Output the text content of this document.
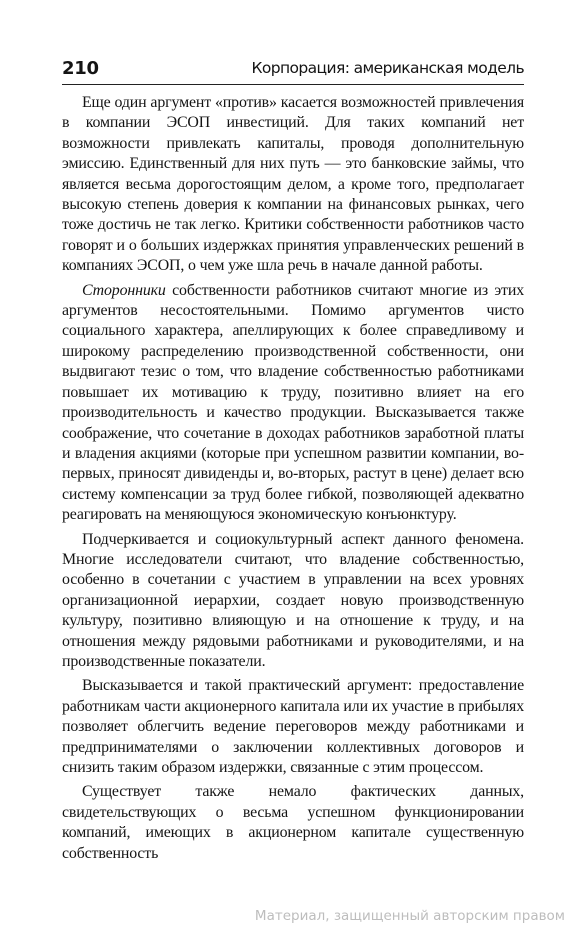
210	Корпорация: американская модель

Еще один аргумент «против» касается возможностей привлечения в компании ЭСОП инвестиций. Для таких компаний нет возможности привлекать капиталы, проводя дополнительную эмиссию. Единственный для них путь — это банковские займы, что является весьма дорогостоящим делом, а кроме того, предполагает высокую степень доверия к компании на финансовых рынках, чего тоже достичь не так легко. Критики собственности работников часто говорят и о больших издержках принятия управленческих решений в компаниях ЭСОП, о чем уже шла речь в начале данной работы.

Сторонники собственности работников считают многие из этих аргументов несостоятельными. Помимо аргументов чисто социального характера, апеллирующих к более справедливому и широкому распределению производственной собственности, они выдвигают тезис о том, что владение собственностью работниками повышает их мотивацию к труду, позитивно влияет на его производительность и качество продукции. Высказывается также соображение, что сочетание в доходах работников заработной платы и владения акциями (которые при успешном развитии компании, во-первых, приносят дивиденды и, во-вторых, растут в цене) делает всю систему компенсации за труд более гибкой, позволяющей адекватно реагировать на меняющуюся экономическую конъюнктуру.

Подчеркивается и социокультурный аспект данного феномена. Многие исследователи считают, что владение собственностью, особенно в сочетании с участием в управлении на всех уровнях организационной иерархии, создает новую производственную культуру, позитивно влияющую и на отношение к труду, и на отношения между рядовыми работниками и руководителями, и на производственные показатели.

Высказывается и такой практический аргумент: предоставление работникам части акционерного капитала или их участие в прибылях позволяет облегчить ведение переговоров между работниками и предпринимателями о заключении коллективных договоров и снизить таким образом издержки, связанные с этим процессом.

Существует также немало фактических данных, свидетельствующих о весьма успешном функционировании компаний, имеющих в акционерном капитале существенную собственность

Материал, защищенный авторским правом
